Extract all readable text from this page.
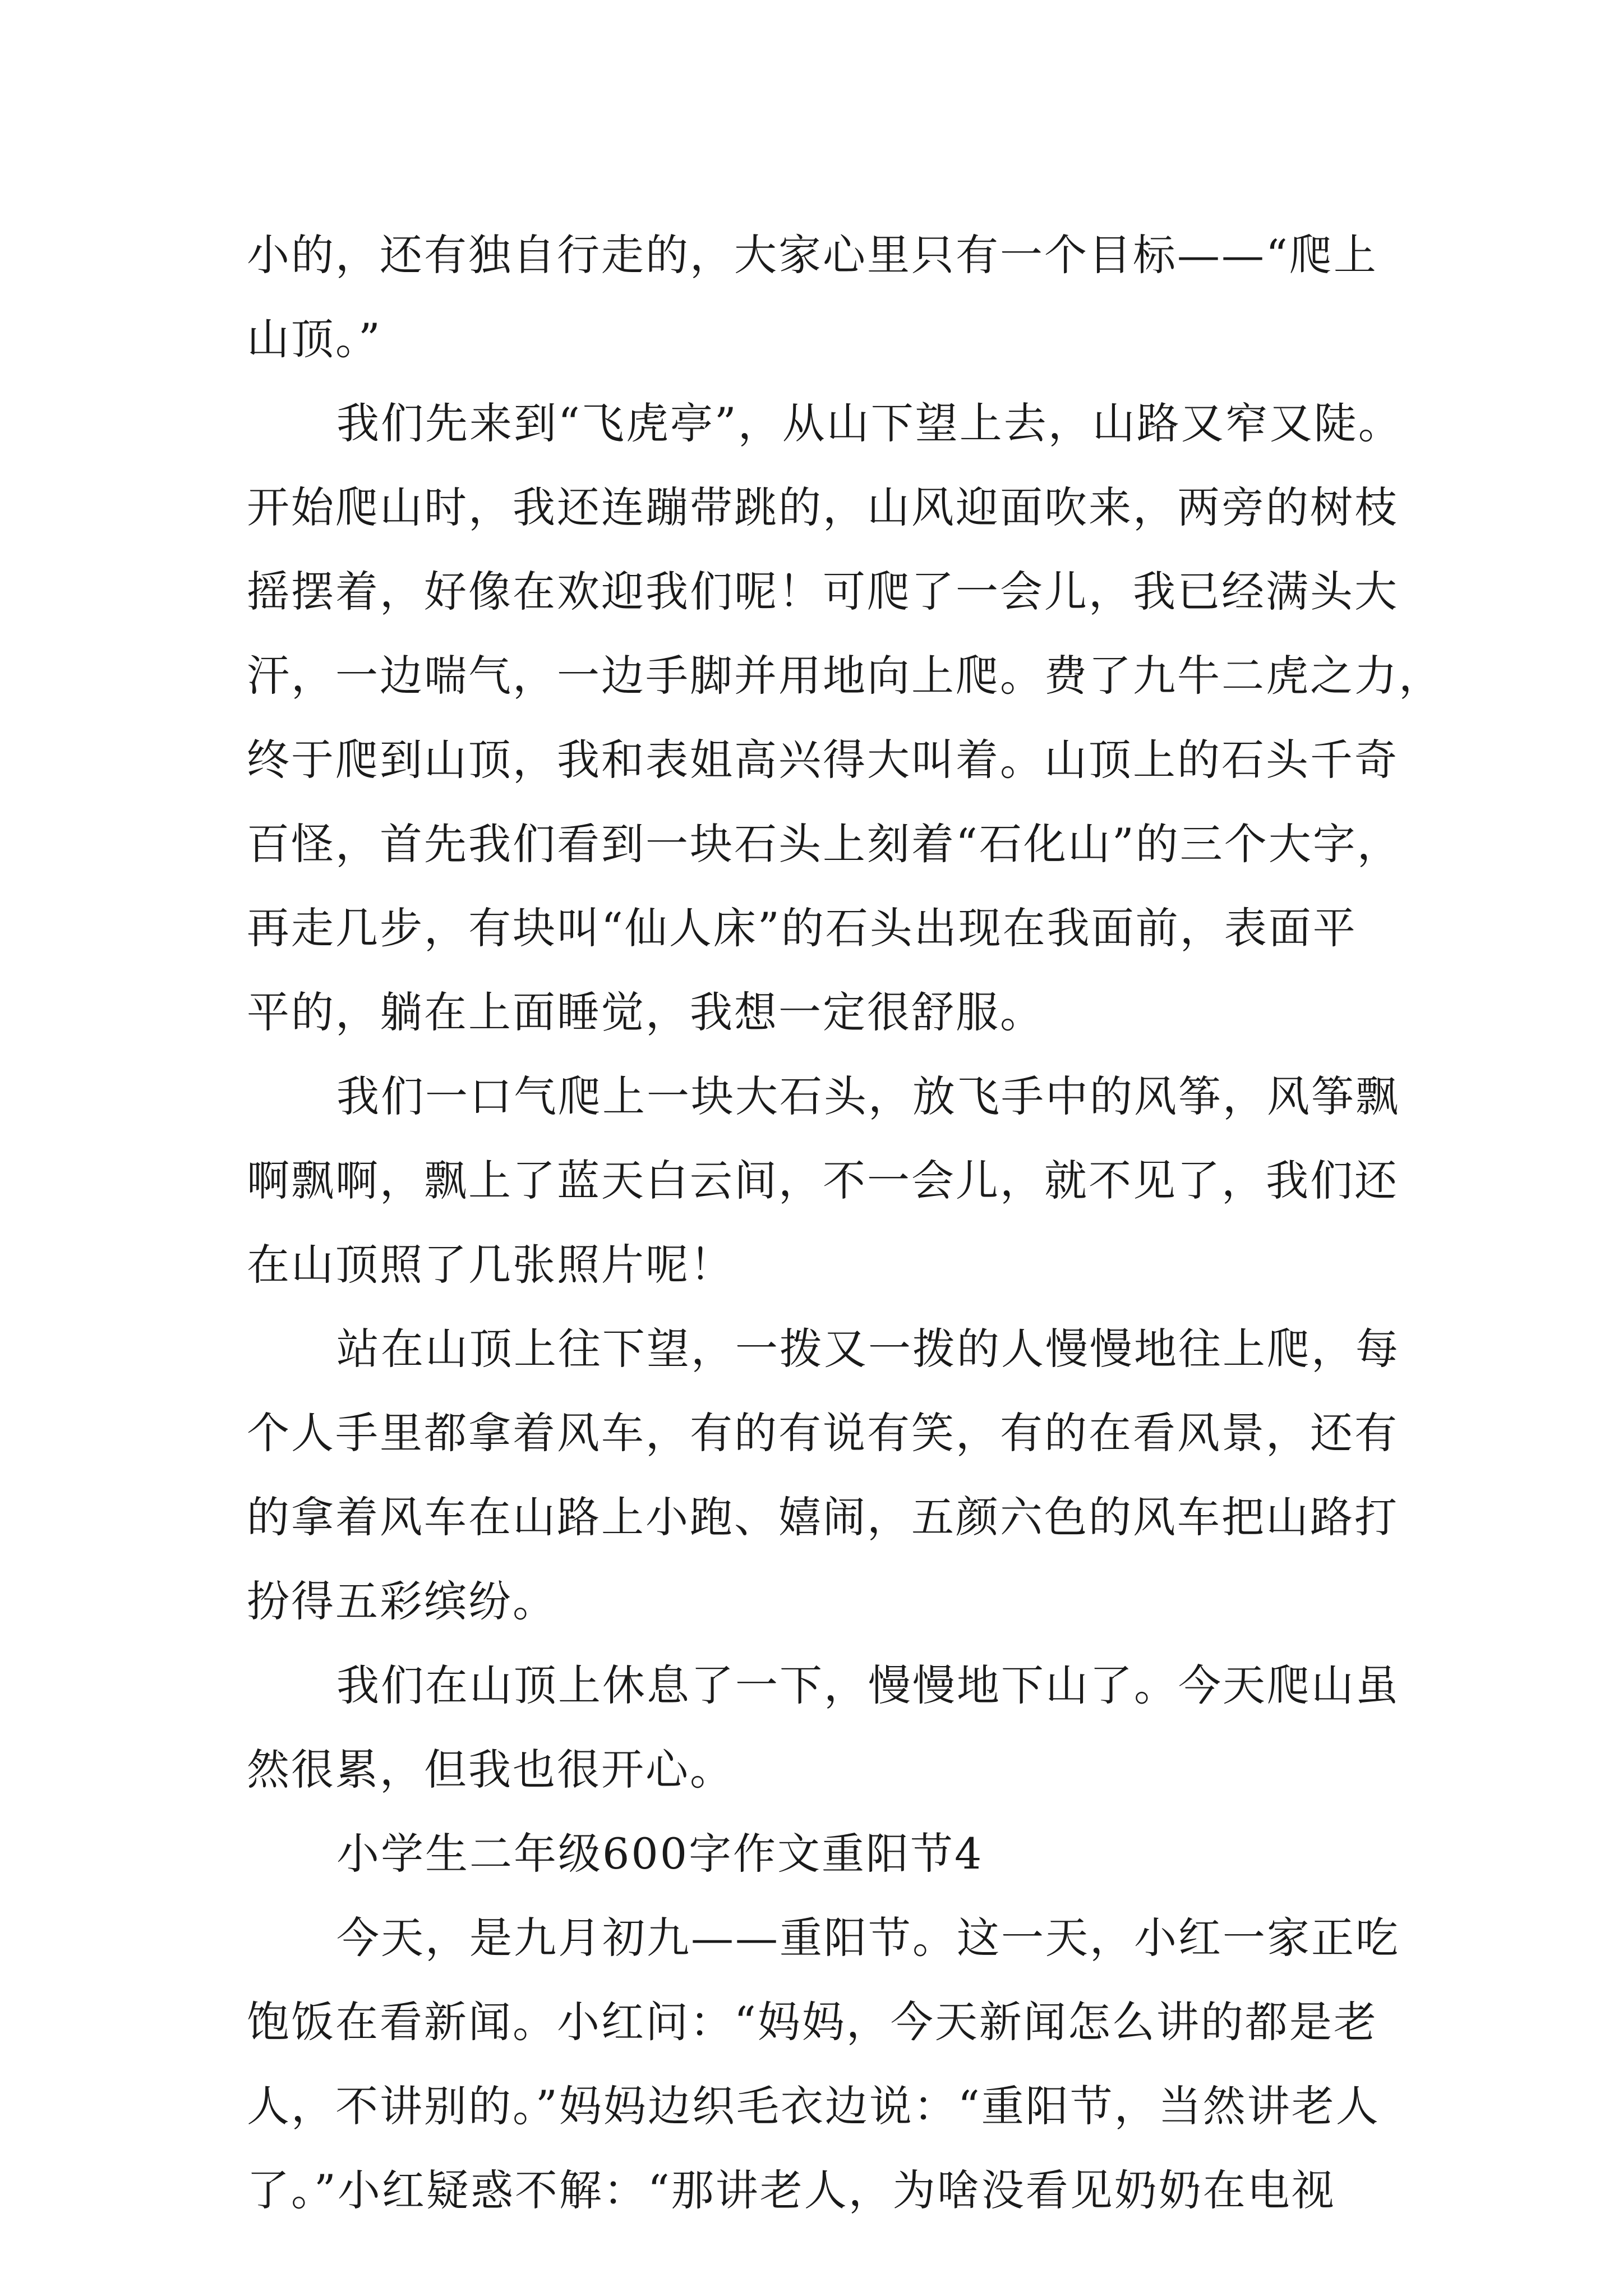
小的，还有独自行走的，大家心里只有一个目标——“爬上
山顶。”
我们先来到“飞虎亭”，从山下望上去，山路又窄又陡。
开始爬山时，我还连蹦带跳的，山风迎面吹来，两旁的树枝
摇摆着，好像在欢迎我们呢！可爬了一会儿，我已经满头大
汗，一边喘气，一边手脚并用地向上爬。费了九牛二虎之力，
终于爬到山顶，我和表姐高兴得大叫着。山顶上的石头千奇
百怪，首先我们看到一块石头上刻着“石化山”的三个大字，
再走几步，有块叫“仙人床”的石头出现在我面前，表面平
平的，躺在上面睡觉，我想一定很舒服。
我们一口气爬上一块大石头，放飞手中的风筝，风筝飘
啊飘啊，飘上了蓝天白云间，不一会儿，就不见了，我们还
在山顶照了几张照片呢！
站在山顶上往下望，一拨又一拨的人慢慢地往上爬，每
个人手里都拿着风车，有的有说有笑，有的在看风景，还有
的拿着风车在山路上小跑、嬉闹，五颜六色的风车把山路打
扮得五彩缤纷。
我们在山顶上休息了一下，慢慢地下山了。今天爬山虽
然很累，但我也很开心。
小学生二年级600字作文重阳节4
今天，是九月初九——重阳节。这一天，小红一家正吃
饱饭在看新闻。小红问：“妈妈，今天新闻怎么讲的都是老
人，不讲别的。”妈妈边织毛衣边说：“重阳节，当然讲老人
了。”小红疑惑不解：“那讲老人，为啥没看见奶奶在电视
